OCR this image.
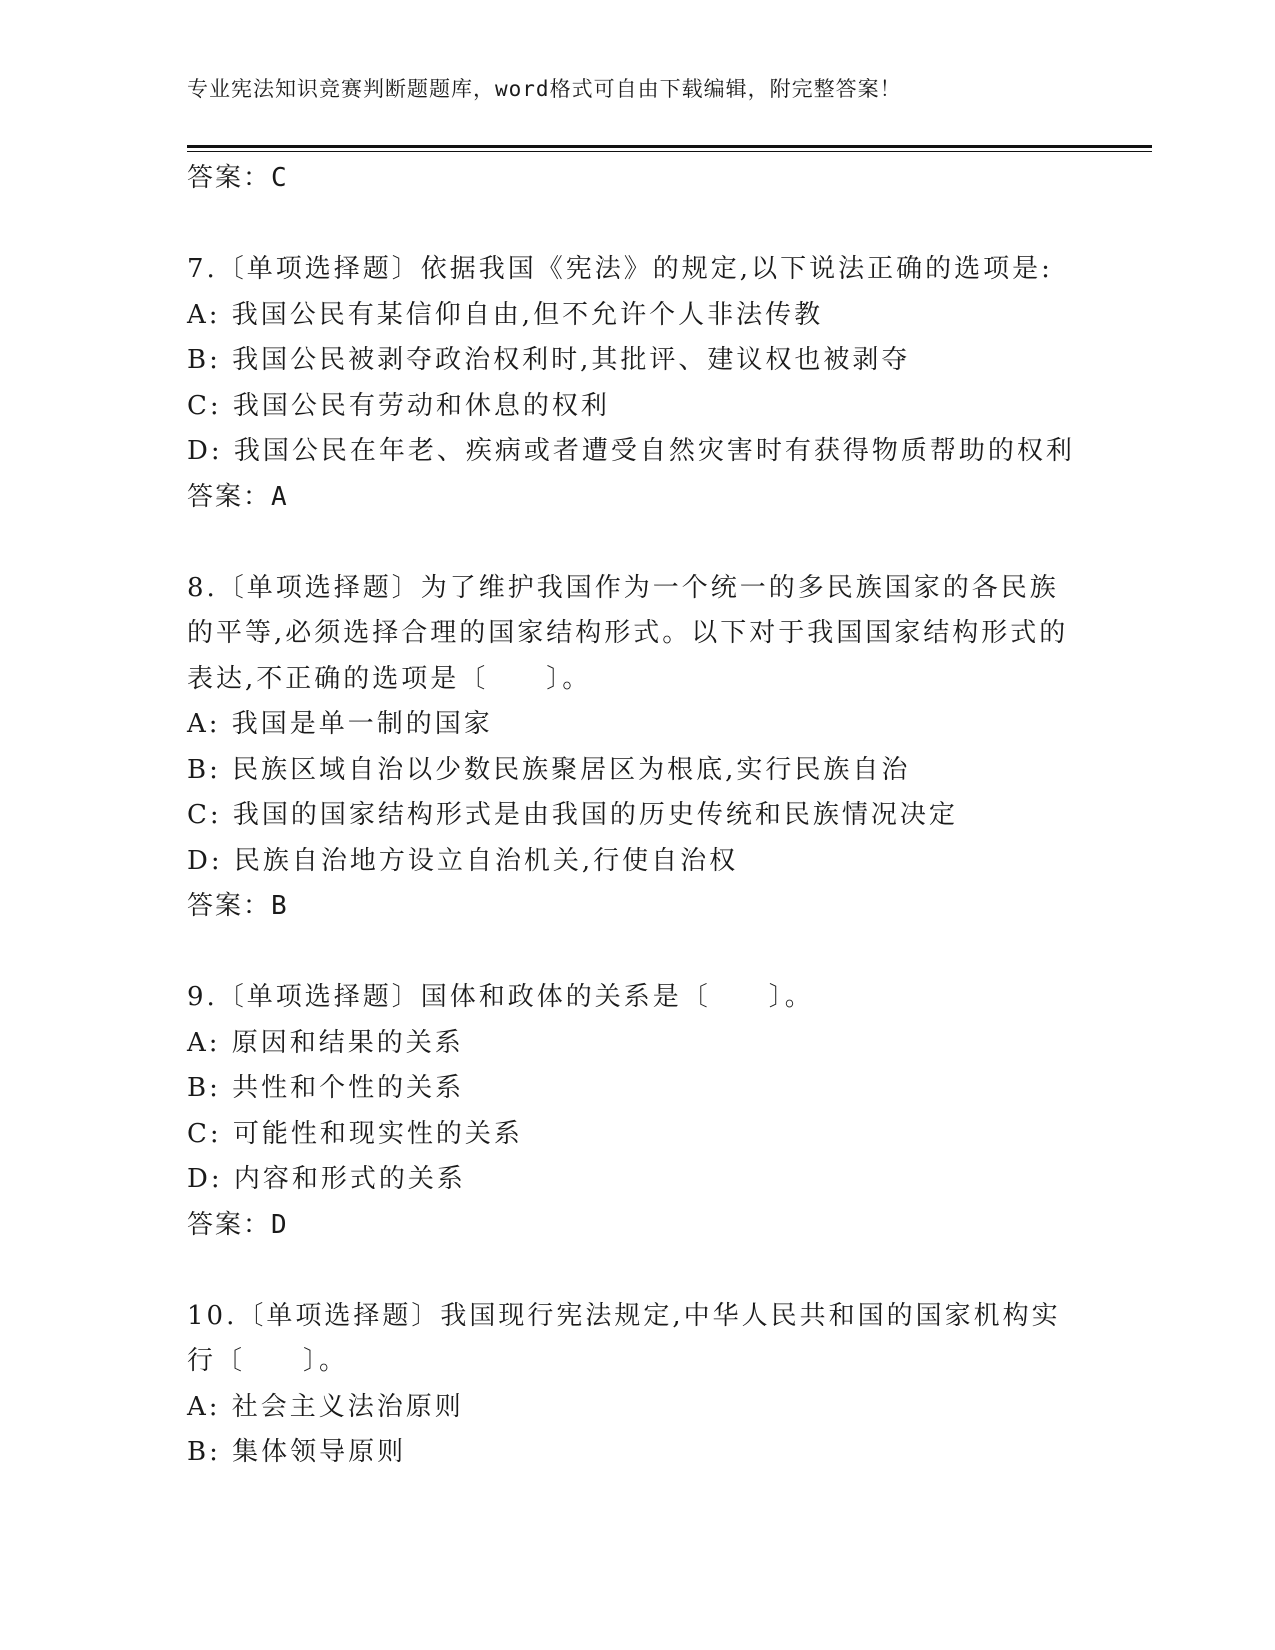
专业宪法知识竞赛判断题题库，word格式可自由下载编辑，附完整答案！
答案：C
7.〔单项选择题〕依据我国《宪法》的规定,以下说法正确的选项是:
A: 我国公民有某信仰自由,但不允许个人非法传教
B: 我国公民被剥夺政治权利时,其批评、建议权也被剥夺
C: 我国公民有劳动和休息的权利
D: 我国公民在年老、疾病或者遭受自然灾害时有获得物质帮助的权利
答案：A
8.〔单项选择题〕为了维护我国作为一个统一的多民族国家的各民族
的平等,必须选择合理的国家结构形式。以下对于我国国家结构形式的
表达,不正确的选项是〔　　〕。
A: 我国是单一制的国家
B: 民族区域自治以少数民族聚居区为根底,实行民族自治
C: 我国的国家结构形式是由我国的历史传统和民族情况决定
D: 民族自治地方设立自治机关,行使自治权
答案：B
9.〔单项选择题〕国体和政体的关系是〔　　〕。
A: 原因和结果的关系
B: 共性和个性的关系
C: 可能性和现实性的关系
D: 内容和形式的关系
答案：D
10.〔单项选择题〕我国现行宪法规定,中华人民共和国的国家机构实
行〔　　〕。
A: 社会主义法治原则
B: 集体领导原则
